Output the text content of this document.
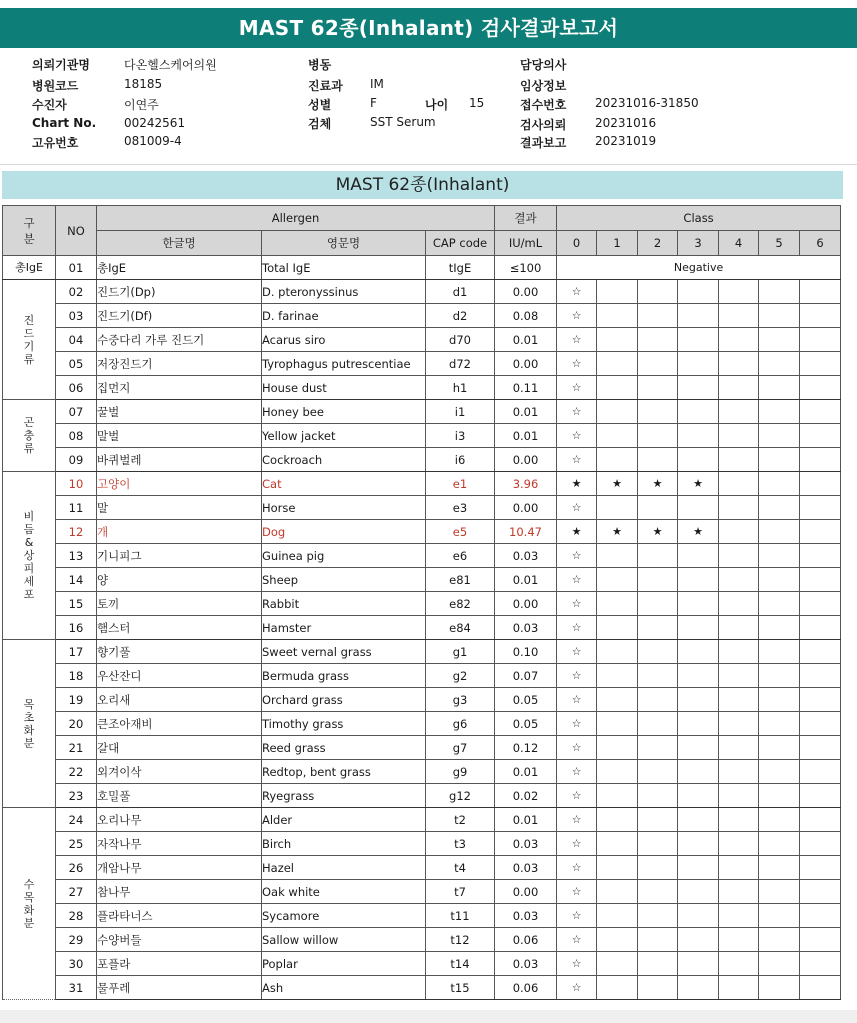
MAST 62종(Inhalant) 검사결과보고서
의뢰기관명	다온헬스케어의원
병원코드	18185
수진자	이연주
Chart No. 00242561
고유번호	081009-4
병동
진료과 IM
성별	F	나이 15
검체	SST Serum
담당의사
임상정보
접수번호 20231016-31850
검사의뢰 20231016
결과보고 20231019
MAST 62종(Inhalant)
구분	NO	Allergen			결과	Class						
		한글명	영문명	CAP code	IU/mL	0	1	2	3	4	5	6
총IgE	01	총IgE	Total IgE	tIgE	≤100	Negative						
진드기류	02	진드기(Dp)	D. pteronyssinus	d1	0.00	☆						
	03	진드기(Df)	D. farinae	d2	0.08	☆						
	04	수중다리 가루 진드기	Acarus siro	d70	0.01	☆						
	05	저장진드기	Tyrophagus putrescentiae	d72	0.00	☆						
	06	집먼지	House dust	h1	0.11	☆						
곤충류	07	꿀벌	Honey bee	i1	0.01	☆						
	08	말벌	Yellow jacket	i3	0.01	☆						
	09	바퀴벌레	Cockroach	i6	0.00	☆						
비듬 & 상피세포	10	고양이	Cat	e1	3.96	★	★	★	★			
	11	말	Horse	e3	0.00	☆						
	12	개	Dog	e5	10.47	★	★	★	★			
	13	기니피그	Guinea pig	e6	0.03	☆						
	14	양	Sheep	e81	0.01	☆						
	15	토끼	Rabbit	e82	0.00	☆						
	16	햄스터	Hamster	e84	0.03	☆						
목초화분	17	향기풀	Sweet vernal grass	g1	0.10	☆						
	18	우산잔디	Bermuda grass	g2	0.07	☆						
	19	오리새	Orchard grass	g3	0.05	☆						
	20	큰조아재비	Timothy grass	g6	0.05	☆						
	21	갈대	Reed grass	g7	0.12	☆						
	22	외겨이삭	Redtop, bent grass	g9	0.01	☆						
	23	호밀풀	Ryegrass	g12	0.02	☆						
수목화분	24	오리나무	Alder	t2	0.01	☆						
	25	자작나무	Birch	t3	0.03	☆						
	26	개암나무	Hazel	t4	0.03	☆						
	27	참나무	Oak white	t7	0.00	☆						
	28	플라타너스	Sycamore	t11	0.03	☆						
	29	수양버들	Sallow willow	t12	0.06	☆						
	30	포플라	Poplar	t14	0.03	☆						
	31	물푸레	Ash	t15	0.06	☆						
